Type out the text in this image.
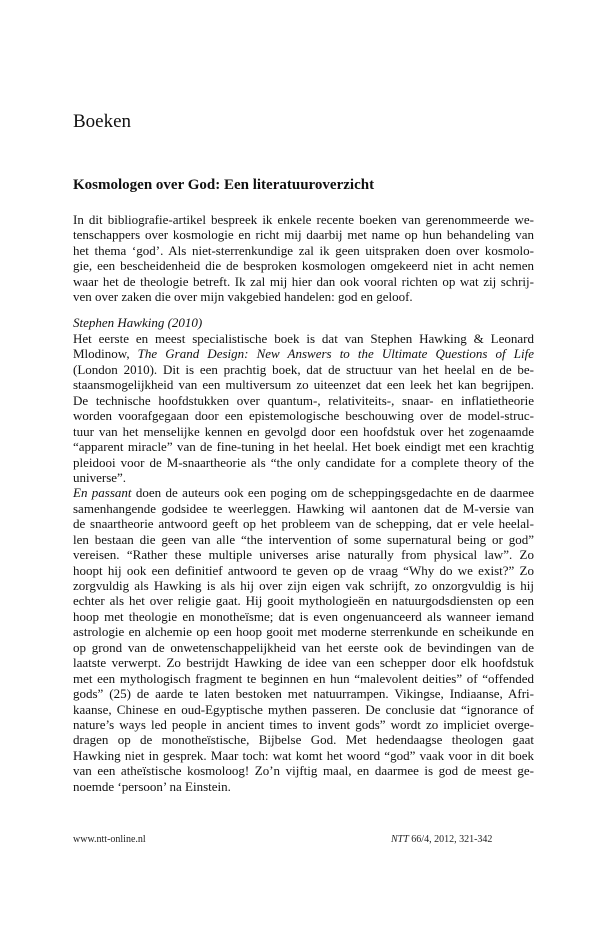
Boeken
Kosmologen over God: Een literatuuroverzicht
In dit bibliografie-artikel bespreek ik enkele recente boeken van gerenommeerde we-
tenschappers over kosmologie en richt mij daarbij met name op hun behandeling van
het thema ‘god’. Als niet-sterrenkundige zal ik geen uitspraken doen over kosmolo-
gie, een bescheidenheid die de besproken kosmologen omgekeerd niet in acht nemen
waar het de theologie betreft. Ik zal mij hier dan ook vooral richten op wat zij schrij-
ven over zaken die over mijn vakgebied handelen: god en geloof.
Stephen Hawking (2010)
Het eerste en meest specialistische boek is dat van Stephen Hawking & Leonard
Mlodinow, The Grand Design: New Answers to the Ultimate Questions of Life
(London 2010). Dit is een prachtig boek, dat de structuur van het heelal en de be-
staansmogelijkheid van een multiversum zo uiteenzet dat een leek het kan begrijpen.
De technische hoofdstukken over quantum-, relativiteits-, snaar- en inflatietheorie
worden voorafgegaan door een epistemologische beschouwing over de model-struc-
tuur van het menselijke kennen en gevolgd door een hoofdstuk over het zogenaamde
“apparent miracle” van de fine-tuning in het heelal. Het boek eindigt met een krachtig
pleidooi voor de M-snaartheorie als “the only candidate for a complete theory of the
universe”.
En passant doen de auteurs ook een poging om de scheppingsgedachte en de daarmee
samenhangende godsidee te weerleggen. Hawking wil aantonen dat de M-versie van
de snaartheorie antwoord geeft op het probleem van de schepping, dat er vele heelal-
len bestaan die geen van alle “the intervention of some supernatural being or god”
vereisen. “Rather these multiple universes arise naturally from physical law”. Zo
hoopt hij ook een definitief antwoord te geven op de vraag “Why do we exist?” Zo
zorgvuldig als Hawking is als hij over zijn eigen vak schrijft, zo onzorgvuldig is hij
echter als het over religie gaat. Hij gooit mythologieën en natuurgodsdiensten op een
hoop met theologie en monotheïsme; dat is even ongenuanceerd als wanneer iemand
astrologie en alchemie op een hoop gooit met moderne sterrenkunde en scheikunde en
op grond van de onwetenschappelijkheid van het eerste ook de bevindingen van de
laatste verwerpt. Zo bestrijdt Hawking de idee van een schepper door elk hoofdstuk
met een mythologisch fragment te beginnen en hun “malevolent deities” of “offended
gods” (25) de aarde te laten bestoken met natuurrampen. Vikingse, Indiaanse, Afri-
kaanse, Chinese en oud-Egyptische mythen passeren. De conclusie dat “ignorance of
nature’s ways led people in ancient times to invent gods” wordt zo impliciet overge-
dragen op de monotheïstische, Bijbelse God. Met hedendaagse theologen gaat
Hawking niet in gesprek. Maar toch: wat komt het woord “god” vaak voor in dit boek
van een atheïstische kosmoloog! Zo’n vijftig maal, en daarmee is god de meest ge-
noemde ‘persoon’ na Einstein.
www.ntt-online.nl	NTT 66/4, 2012, 321-342
